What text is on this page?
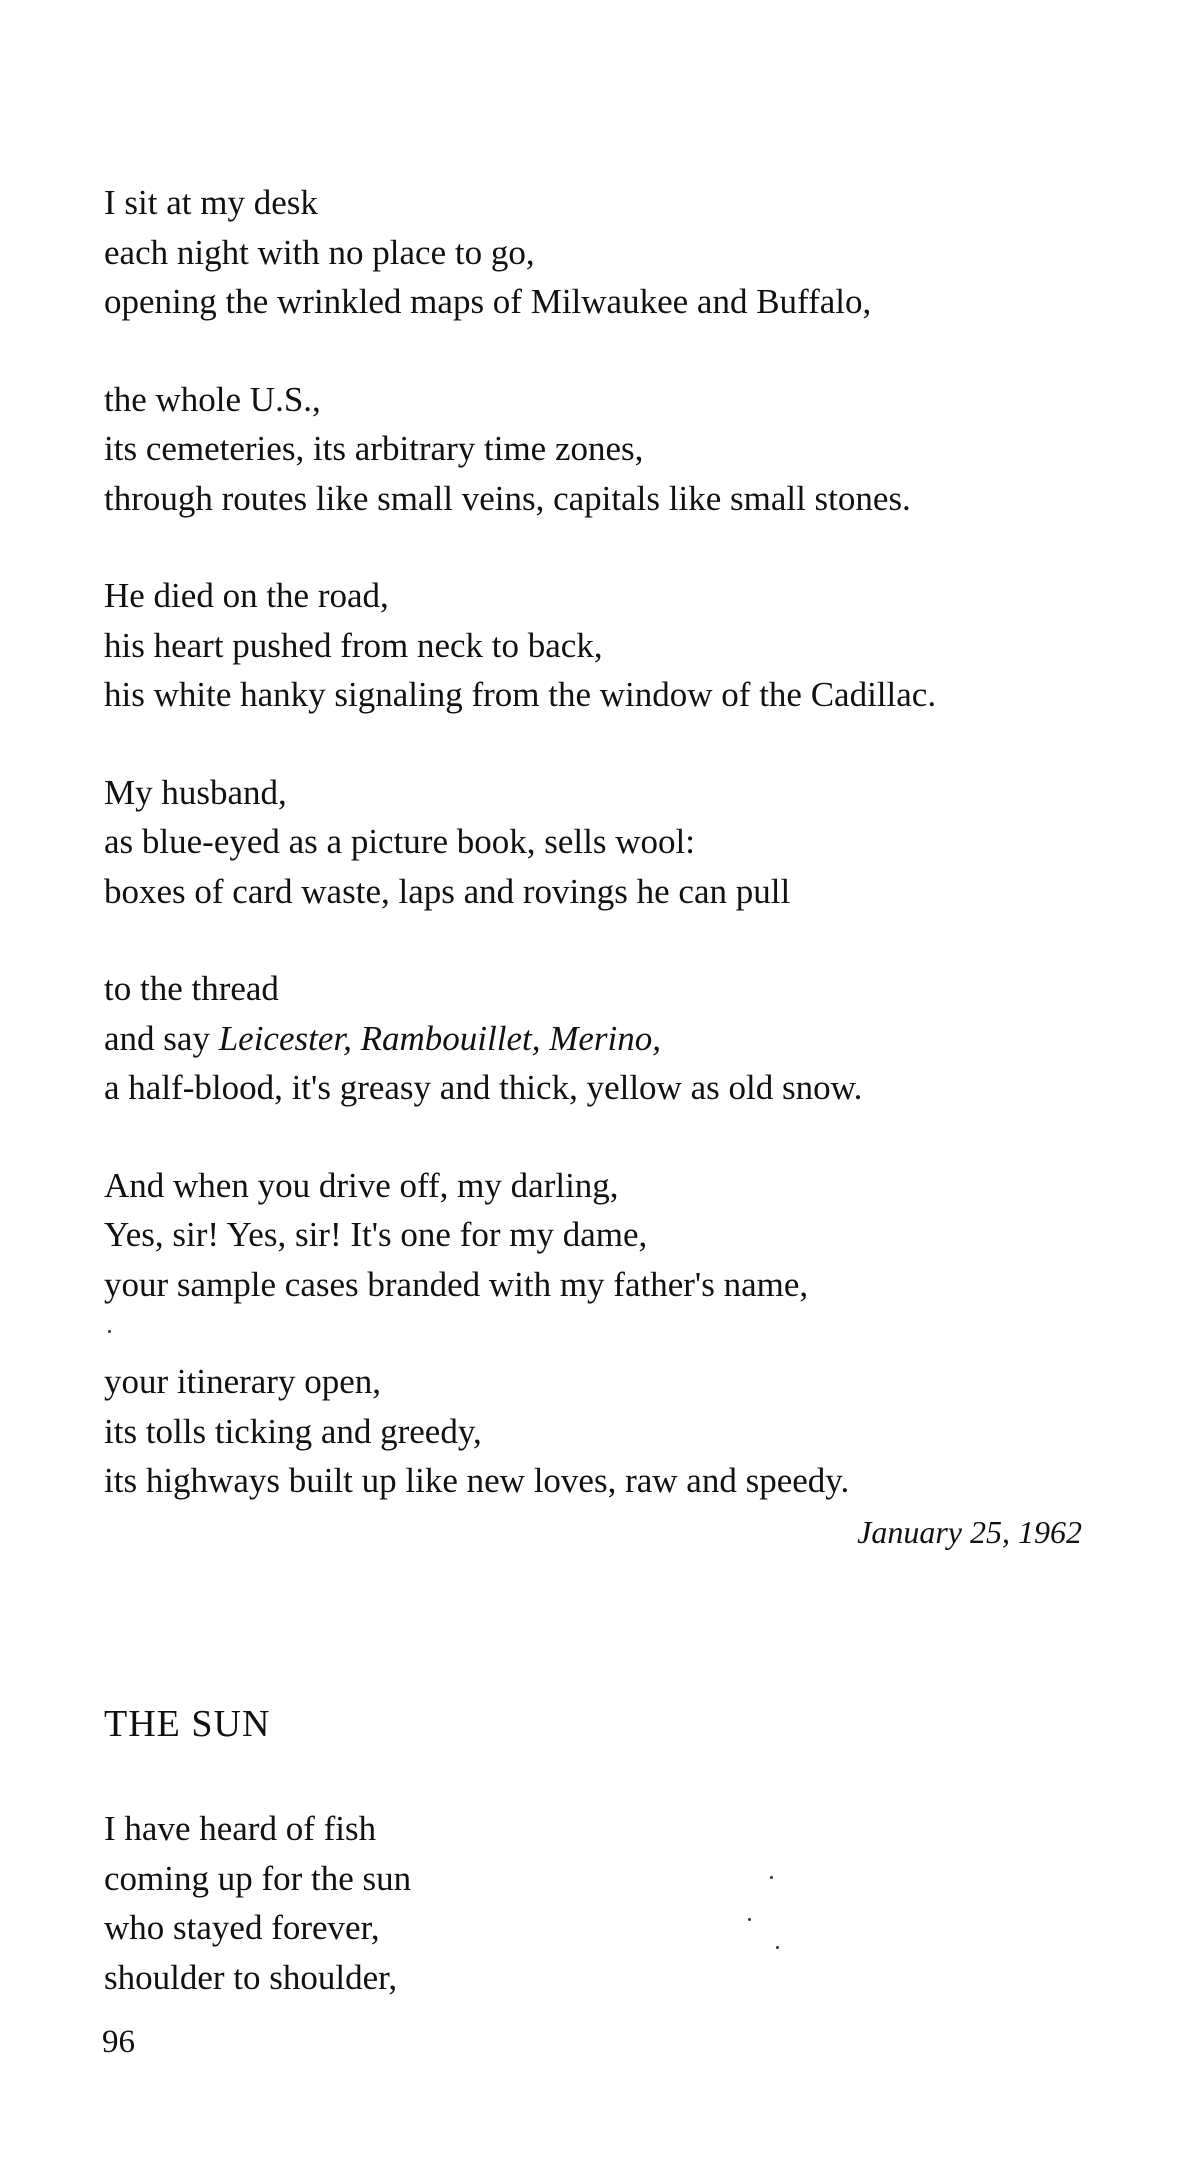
I sit at my desk
each night with no place to go,
opening the wrinkled maps of Milwaukee and Buffalo,
the whole U.S.,
its cemeteries, its arbitrary time zones,
through routes like small veins, capitals like small stones.
He died on the road,
his heart pushed from neck to back,
his white hanky signaling from the window of the Cadillac.
My husband,
as blue-eyed as a picture book, sells wool:
boxes of card waste, laps and rovings he can pull
to the thread
and say Leicester, Rambouillet, Merino,
a half-blood, it's greasy and thick, yellow as old snow.
And when you drive off, my darling,
Yes, sir! Yes, sir! It's one for my dame,
your sample cases branded with my father's name,
your itinerary open,
its tolls ticking and greedy,
its highways built up like new loves, raw and speedy.
January 25, 1962
THE SUN
I have heard of fish
coming up for the sun
who stayed forever,
shoulder to shoulder,
96
